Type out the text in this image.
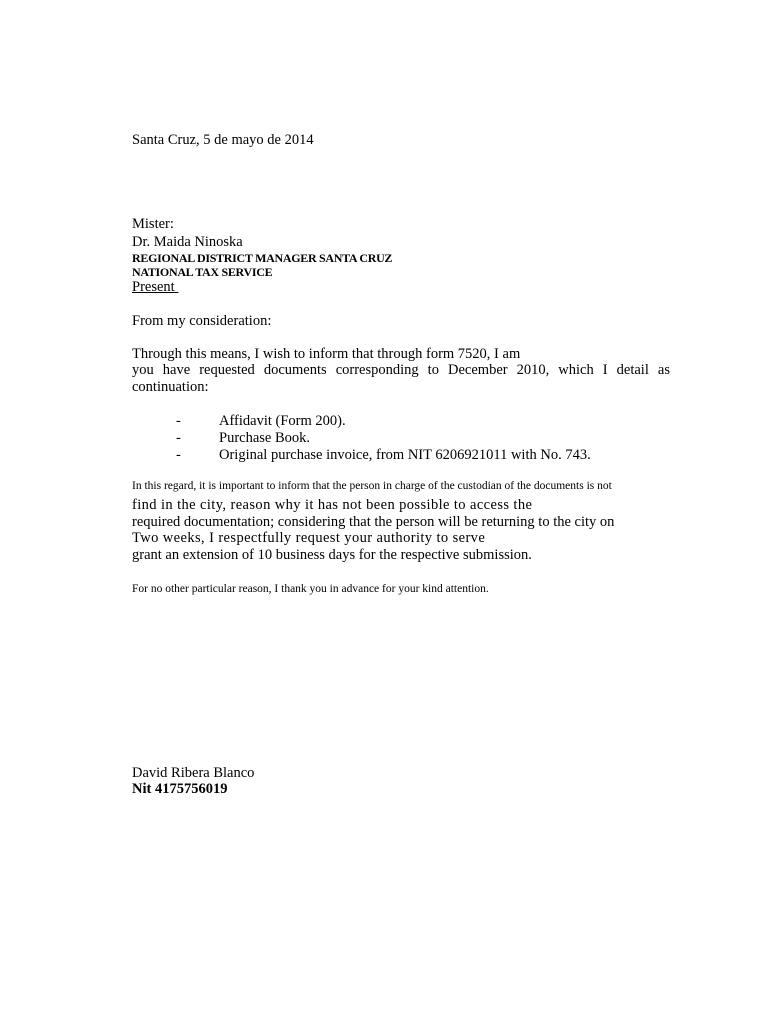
Santa Cruz, 5 de mayo de 2014
Mister:
Dr. Maida Ninoska
REGIONAL DISTRICT MANAGER SANTA CRUZ
NATIONAL TAX SERVICE
Present
From my consideration:
Through this means, I wish to inform that through form 7520, I am
you have requested documents corresponding to December 2010, which I detail as
continuation:
-	Affidavit (Form 200).
-	Purchase Book.
-	Original purchase invoice, from NIT 6206921011 with No. 743.
In this regard, it is important to inform that the person in charge of the custodian of the documents is not
find in the city, reason why it has not been possible to access the
required documentation; considering that the person will be returning to the city on
Two weeks, I respectfully request your authority to serve
grant an extension of 10 business days for the respective submission.
For no other particular reason, I thank you in advance for your kind attention.
David Ribera Blanco
Nit 4175756019
